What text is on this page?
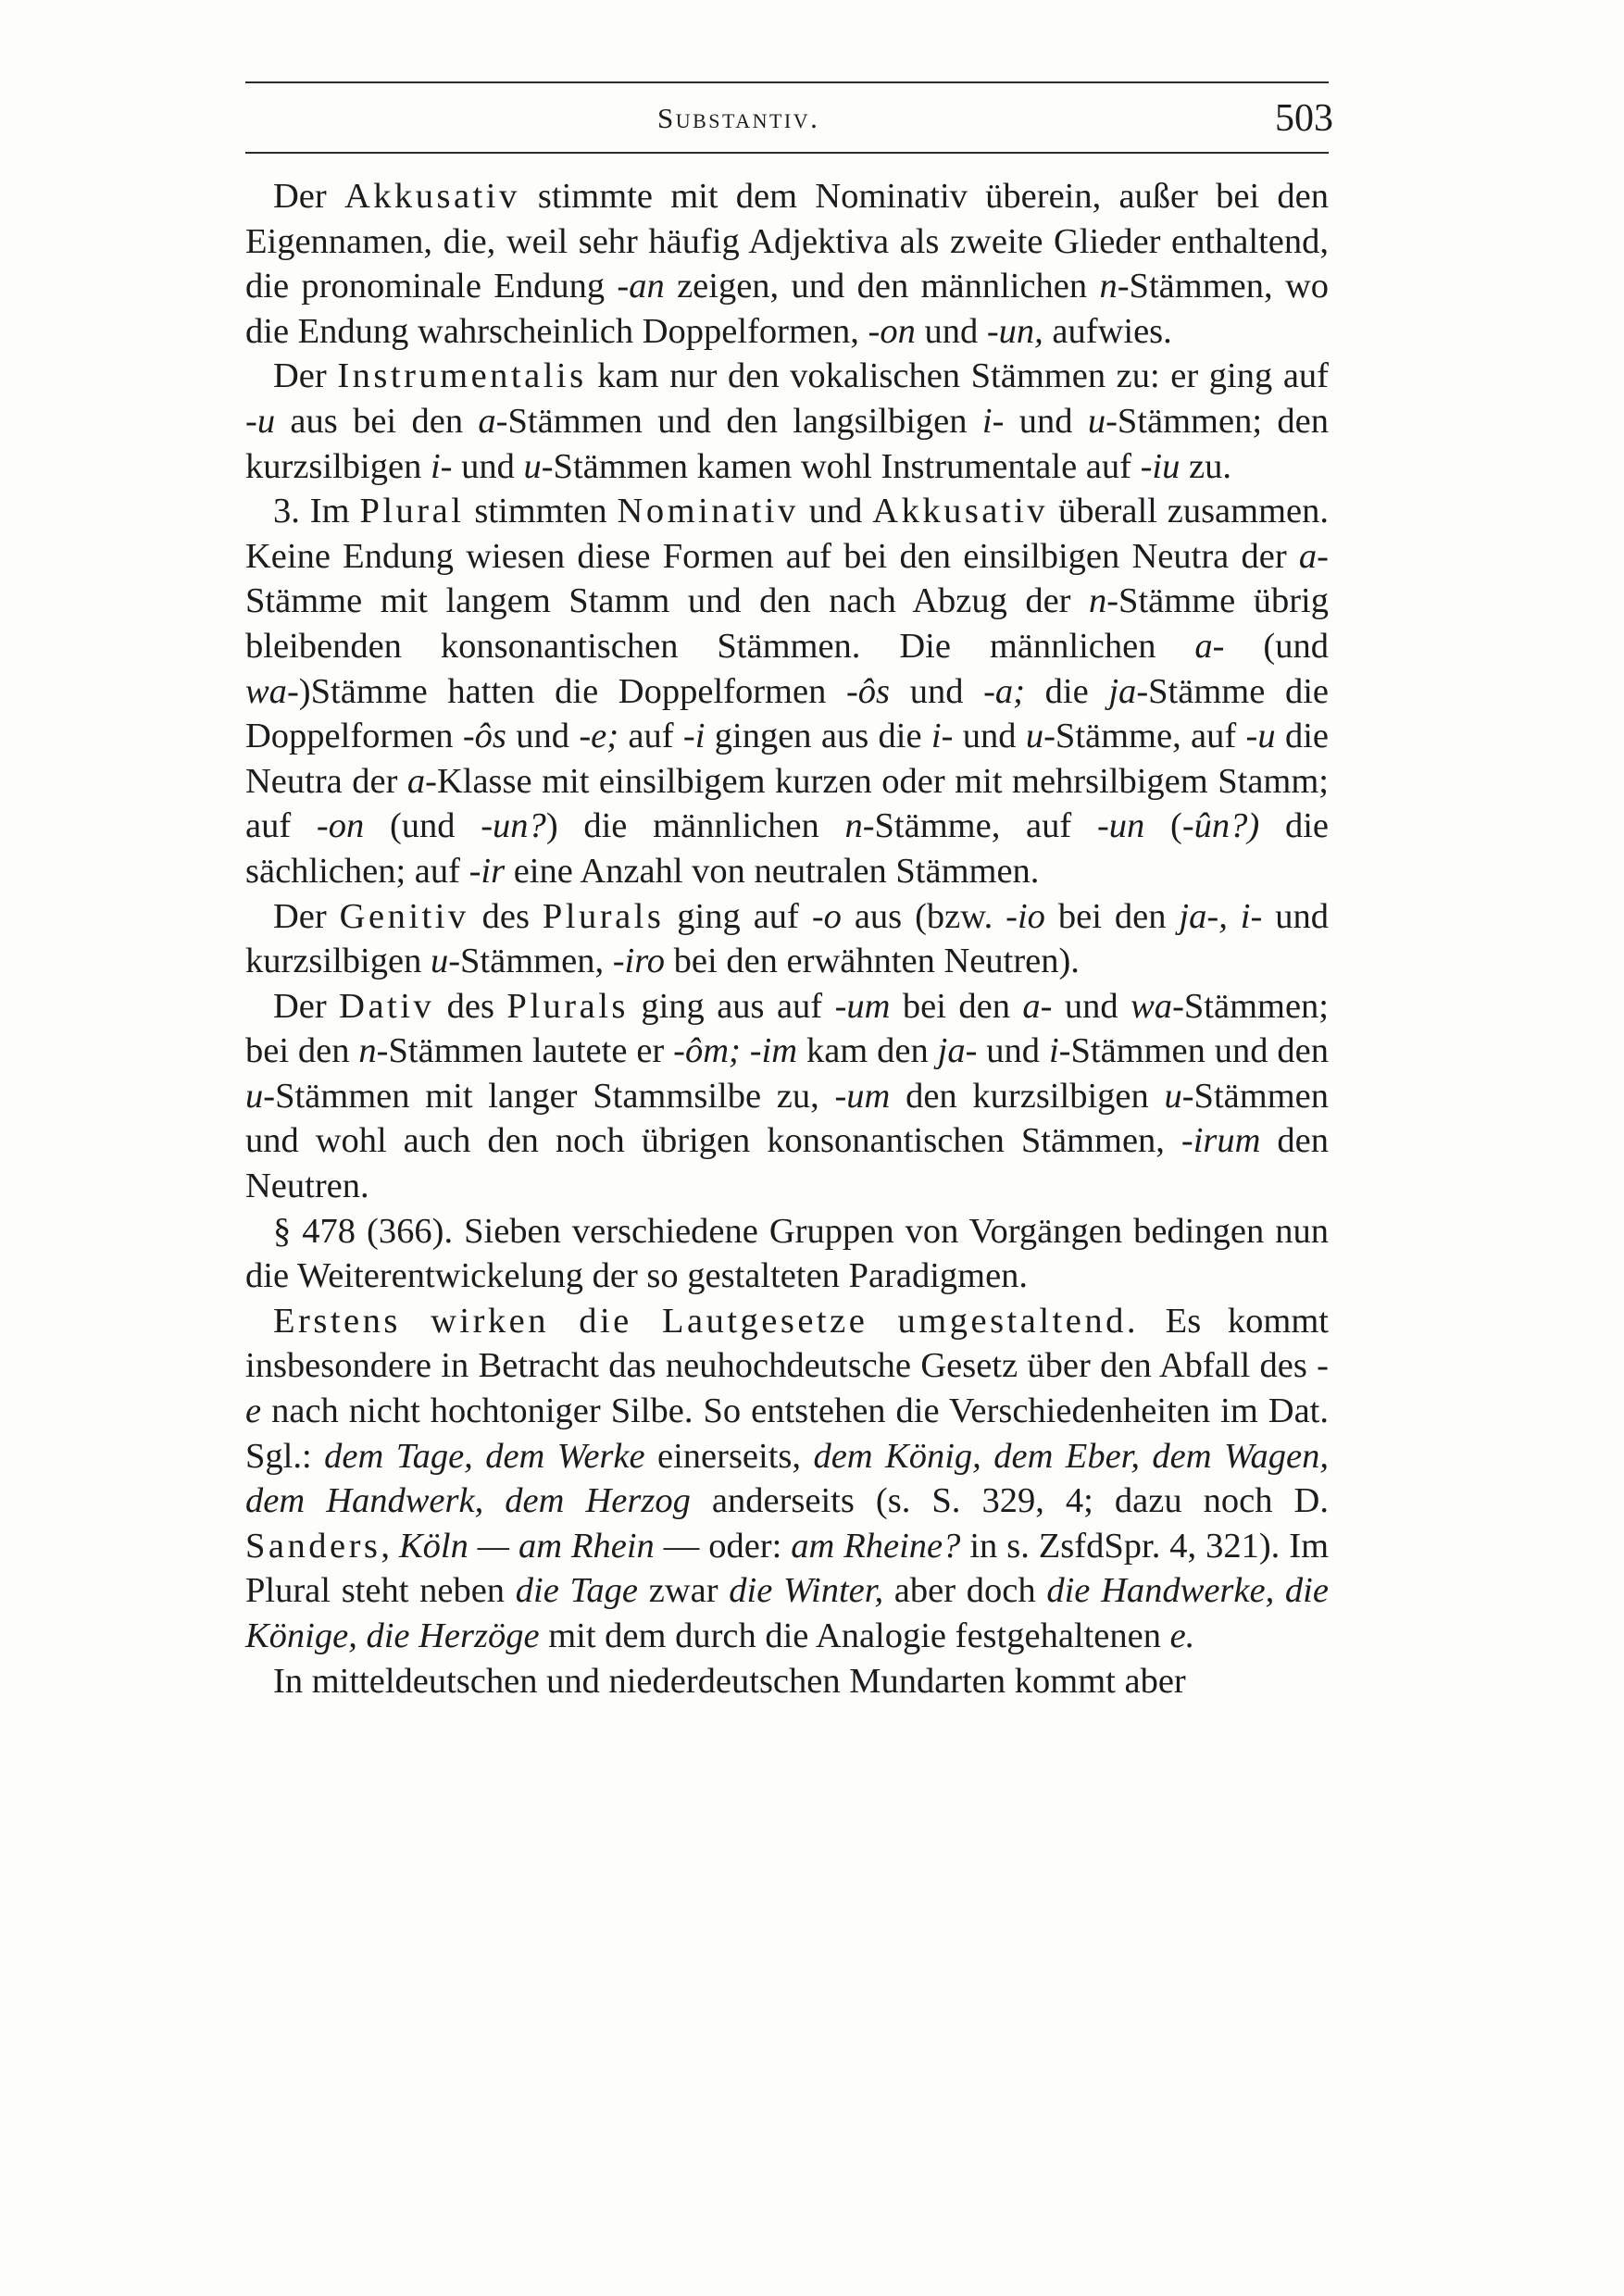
Substantiv.	503

Der Akkusativ stimmte mit dem Nominativ überein, außer bei den Eigennamen, die, weil sehr häufig Adjektiva als zweite Glieder enthaltend, die pronominale Endung -an zeigen, und den männlichen n-Stämmen, wo die Endung wahrscheinlich Doppelformen, -on und -un, aufwies.

Der Instrumentalis kam nur den vokalischen Stämmen zu: er ging auf -u aus bei den a-Stämmen und den langsilbigen i- und u-Stämmen; den kurzsilbigen i- und u-Stämmen kamen wohl Instrumentale auf -iu zu.

3. Im Plural stimmten Nominativ und Akkusativ überall zusammen. Keine Endung wiesen diese Formen auf bei den einsilbigen Neutra der a-Stämme mit langem Stamm und den nach Abzug der n-Stämme übrig bleibenden konsonantischen Stämmen. Die männlichen a- (und wa-)Stämme hatten die Doppelformen -ôs und -a; die ja-Stämme die Doppelformen -ôs und -e; auf -i gingen aus die i- und u-Stämme, auf -u die Neutra der a-Klasse mit einsilbigem kurzen oder mit mehrsilbigem Stamm; auf -on (und -un?) die männlichen n-Stämme, auf -un (-ûn?) die sächlichen; auf -ir eine Anzahl von neutralen Stämmen.

Der Genitiv des Plurals ging auf -o aus (bzw. -io bei den ja-, i- und kurzsilbigen u-Stämmen, -iro bei den erwähnten Neutren).

Der Dativ des Plurals ging aus auf -um bei den a- und wa-Stämmen; bei den n-Stämmen lautete er -ôm; -im kam den ja- und i-Stämmen und den u-Stämmen mit langer Stammsilbe zu, -um den kurzsilbigen u-Stämmen und wohl auch den noch übrigen konsonantischen Stämmen, -irum den Neutren.

§ 478 (366). Sieben verschiedene Gruppen von Vorgängen bedingen nun die Weiterentwickelung der so gestalteten Paradigmen.

Erstens wirken die Lautgesetze umgestaltend. Es kommt insbesondere in Betracht das neuhochdeutsche Gesetz über den Abfall des -e nach nicht hochtoniger Silbe. So entstehen die Verschiedenheiten im Dat. Sgl.: dem Tage, dem Werke einerseits, dem König, dem Eber, dem Wagen, dem Handwerk, dem Herzog anderseits (s. S. 329, 4; dazu noch D. Sanders, Köln — am Rhein — oder: am Rheine? in s. ZsfdSpr. 4, 321). Im Plural steht neben die Tage zwar die Winter, aber doch die Handwerke, die Könige, die Herzöge mit dem durch die Analogie festgehaltenen e.

In mitteldeutschen und niederdeutschen Mundarten kommt aber
